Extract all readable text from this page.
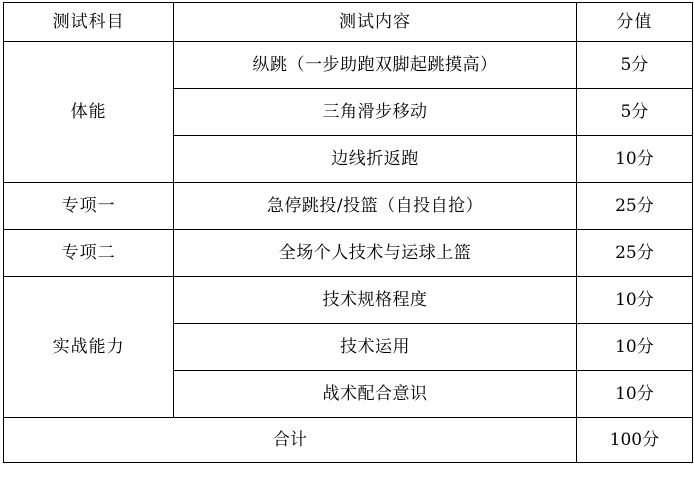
测试科目	测试内容	分值
体能	纵跳（一步助跑双脚起跳摸高）	5分
	三角滑步移动	5分
	边线折返跑	10分
专项一	急停跳投/投篮（自投自抢）	25分
专项二	全场个人技术与运球上篮	25分
实战能力	技术规格程度	10分
	技术运用	10分
	战术配合意识	10分
合计		100分
